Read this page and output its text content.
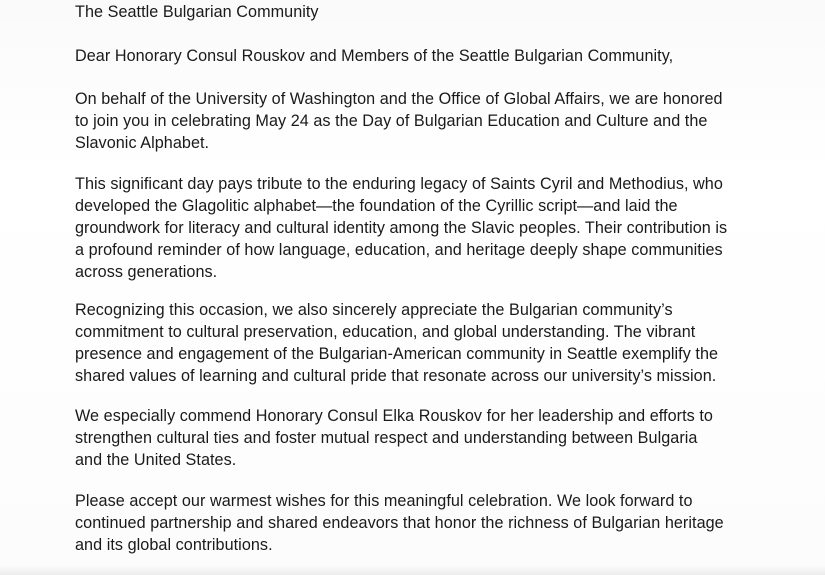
The Seattle Bulgarian Community
Dear Honorary Consul Rouskov and Members of the Seattle Bulgarian Community,
On behalf of the University of Washington and the Office of Global Affairs, we are honored
to join you in celebrating May 24 as the Day of Bulgarian Education and Culture and the
Slavonic Alphabet.
This significant day pays tribute to the enduring legacy of Saints Cyril and Methodius, who
developed the Glagolitic alphabet—the foundation of the Cyrillic script—and laid the
groundwork for literacy and cultural identity among the Slavic peoples. Their contribution is
a profound reminder of how language, education, and heritage deeply shape communities
across generations.
Recognizing this occasion, we also sincerely appreciate the Bulgarian community’s
commitment to cultural preservation, education, and global understanding. The vibrant
presence and engagement of the Bulgarian-American community in Seattle exemplify the
shared values of learning and cultural pride that resonate across our university’s mission.
We especially commend Honorary Consul Elka Rouskov for her leadership and efforts to
strengthen cultural ties and foster mutual respect and understanding between Bulgaria
and the United States.
Please accept our warmest wishes for this meaningful celebration. We look forward to
continued partnership and shared endeavors that honor the richness of Bulgarian heritage
and its global contributions.
